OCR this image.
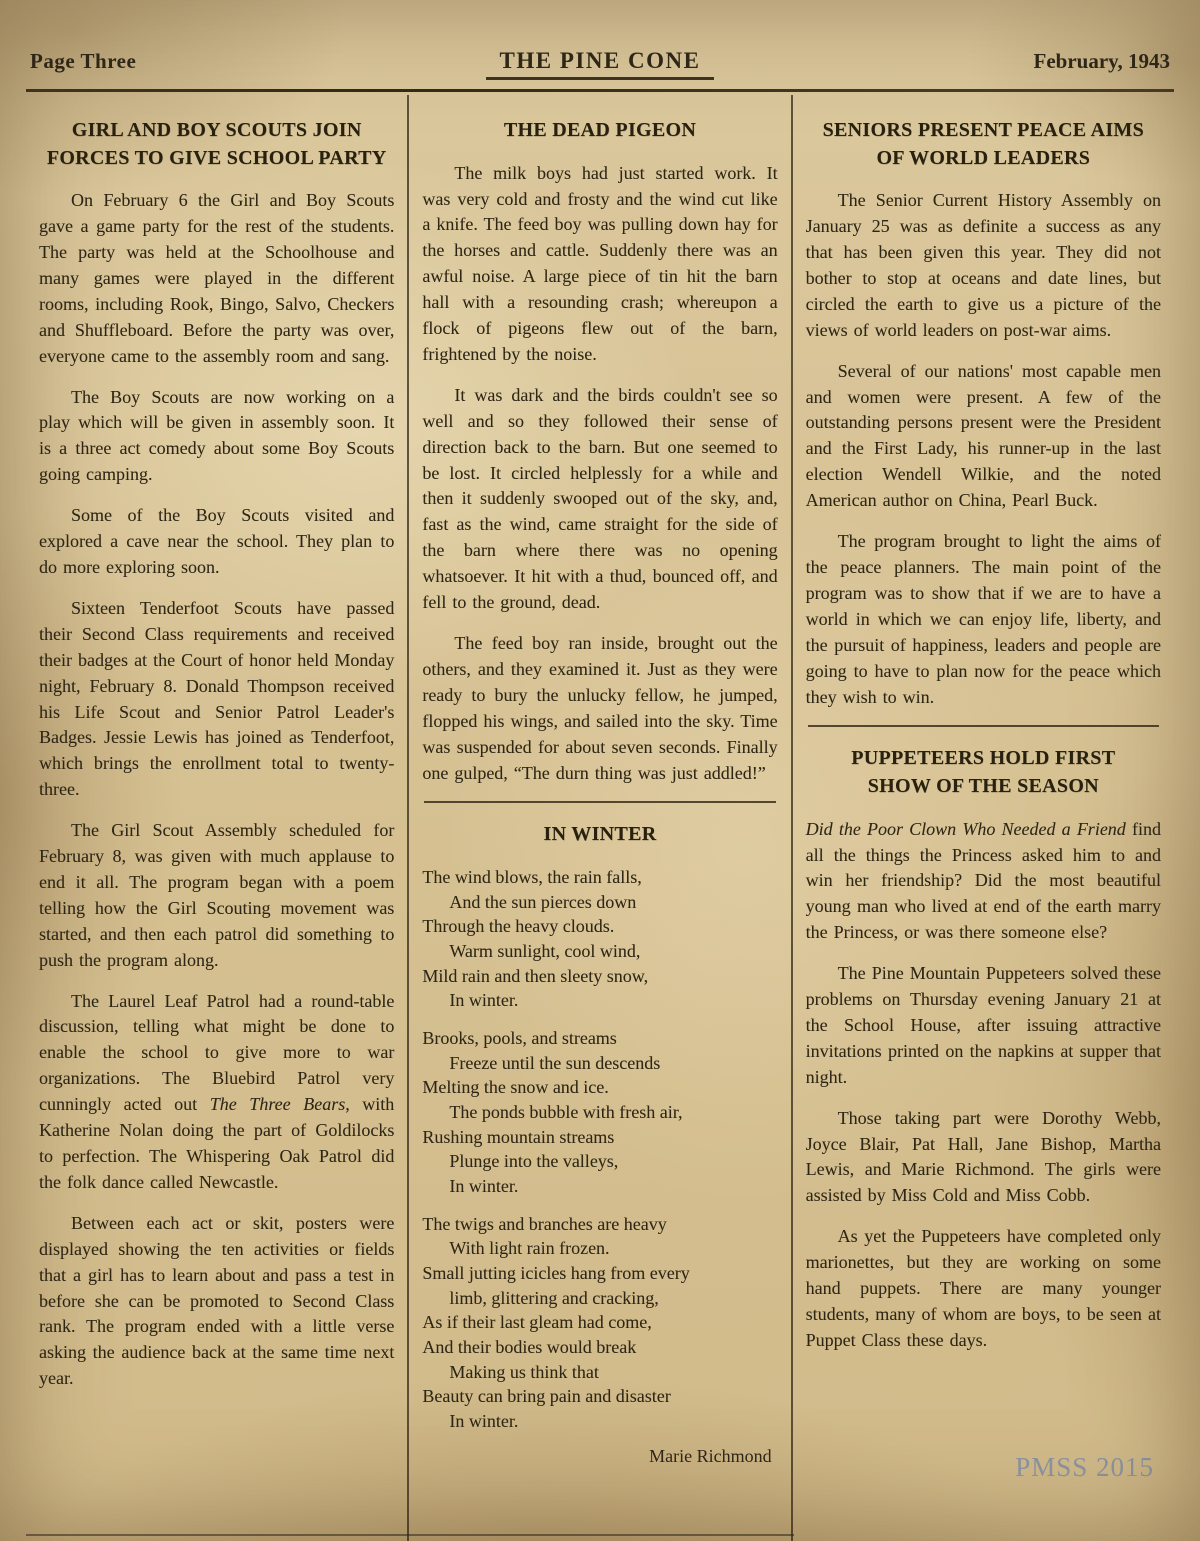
Page Three	THE PINE CONE	February, 1943
GIRL AND BOY SCOUTS JOIN
FORCES TO GIVE SCHOOL PARTY

On February 6 the Girl and Boy Scouts gave a game party for the rest of the students. The party was held at the Schoolhouse and many games were played in the different rooms, including Rook, Bingo, Salvo, Checkers and Shuffleboard. Before the party was over, everyone came to the assembly room and sang.

The Boy Scouts are now working on a play which will be given in assembly soon. It is a three act comedy about some Boy Scouts going camping.

Some of the Boy Scouts visited and explored a cave near the school. They plan to do more exploring soon.

Sixteen Tenderfoot Scouts have passed their Second Class requirements and received their badges at the Court of honor held Monday night, February 8. Donald Thompson received his Life Scout and Senior Patrol Leader's Badges. Jessie Lewis has joined as Tenderfoot, which brings the enrollment total to twenty-three.

The Girl Scout Assembly scheduled for February 8, was given with much applause to end it all. The program began with a poem telling how the Girl Scouting movement was started, and then each patrol did something to push the program along.

The Laurel Leaf Patrol had a round-table discussion, telling what might be done to enable the school to give more to war organizations. The Bluebird Patrol very cunningly acted out The Three Bears, with Katherine Nolan doing the part of Goldilocks to perfection. The Whispering Oak Patrol did the folk dance called Newcastle.

Between each act or skit, posters were displayed showing the ten activities or fields that a girl has to learn about and pass a test in before she can be promoted to Second Class rank. The program ended with a little verse asking the audience back at the same time next year.

THE DEAD PIGEON

The milk boys had just started work. It was very cold and frosty and the wind cut like a knife. The feed boy was pulling down hay for the horses and cattle. Suddenly there was an awful noise. A large piece of tin hit the barn hall with a resounding crash; whereupon a flock of pigeons flew out of the barn, frightened by the noise.

It was dark and the birds couldn't see so well and so they followed their sense of direction back to the barn. But one seemed to be lost. It circled helplessly for a while and then it suddenly swooped out of the sky, and, fast as the wind, came straight for the side of the barn where there was no opening whatsoever. It hit with a thud, bounced off, and fell to the ground, dead.

The feed boy ran inside, brought out the others, and they examined it. Just as they were ready to bury the unlucky fellow, he jumped, flopped his wings, and sailed into the sky. Time was suspended for about seven seconds. Finally one gulped, “The durn thing was just addled!”

IN WINTER
The wind blows, the rain falls,
And the sun pierces down
Through the heavy clouds.
Warm sunlight, cool wind,
Mild rain and then sleety snow,
In winter.
Brooks, pools, and streams
Freeze until the sun descends
Melting the snow and ice.
The ponds bubble with fresh air,
Rushing mountain streams
Plunge into the valleys,
In winter.
The twigs and branches are heavy
With light rain frozen.
Small jutting icicles hang from every
limb, glittering and cracking,
As if their last gleam had come,
And their bodies would break
Making us think that
Beauty can bring pain and disaster
In winter.
Marie Richmond
SENIORS PRESENT PEACE AIMS
OF WORLD LEADERS

The Senior Current History Assembly on January 25 was as definite a success as any that has been given this year. They did not bother to stop at oceans and date lines, but circled the earth to give us a picture of the views of world leaders on post-war aims.

Several of our nations' most capable men and women were present. A few of the outstanding persons present were the President and the First Lady, his runner-up in the last election Wendell Wilkie, and the noted American author on China, Pearl Buck.

The program brought to light the aims of the peace planners. The main point of the program was to show that if we are to have a world in which we can enjoy life, liberty, and the pursuit of happiness, leaders and people are going to have to plan now for the peace which they wish to win.

PUPPETEERS HOLD FIRST
SHOW OF THE SEASON

Did the Poor Clown Who Needed a Friend find all the things the Princess asked him to and win her friendship? Did the most beautiful young man who lived at end of the earth marry the Princess, or was there someone else?

The Pine Mountain Puppeteers solved these problems on Thursday evening January 21 at the School House, after issuing attractive invitations printed on the napkins at supper that night.

Those taking part were Dorothy Webb, Joyce Blair, Pat Hall, Jane Bishop, Martha Lewis, and Marie Richmond. The girls were assisted by Miss Cold and Miss Cobb.

As yet the Puppeteers have completed only marionettes, but they are working on some hand puppets. There are many younger students, many of whom are boys, to be seen at Puppet Class these days.

PMSS 2015
